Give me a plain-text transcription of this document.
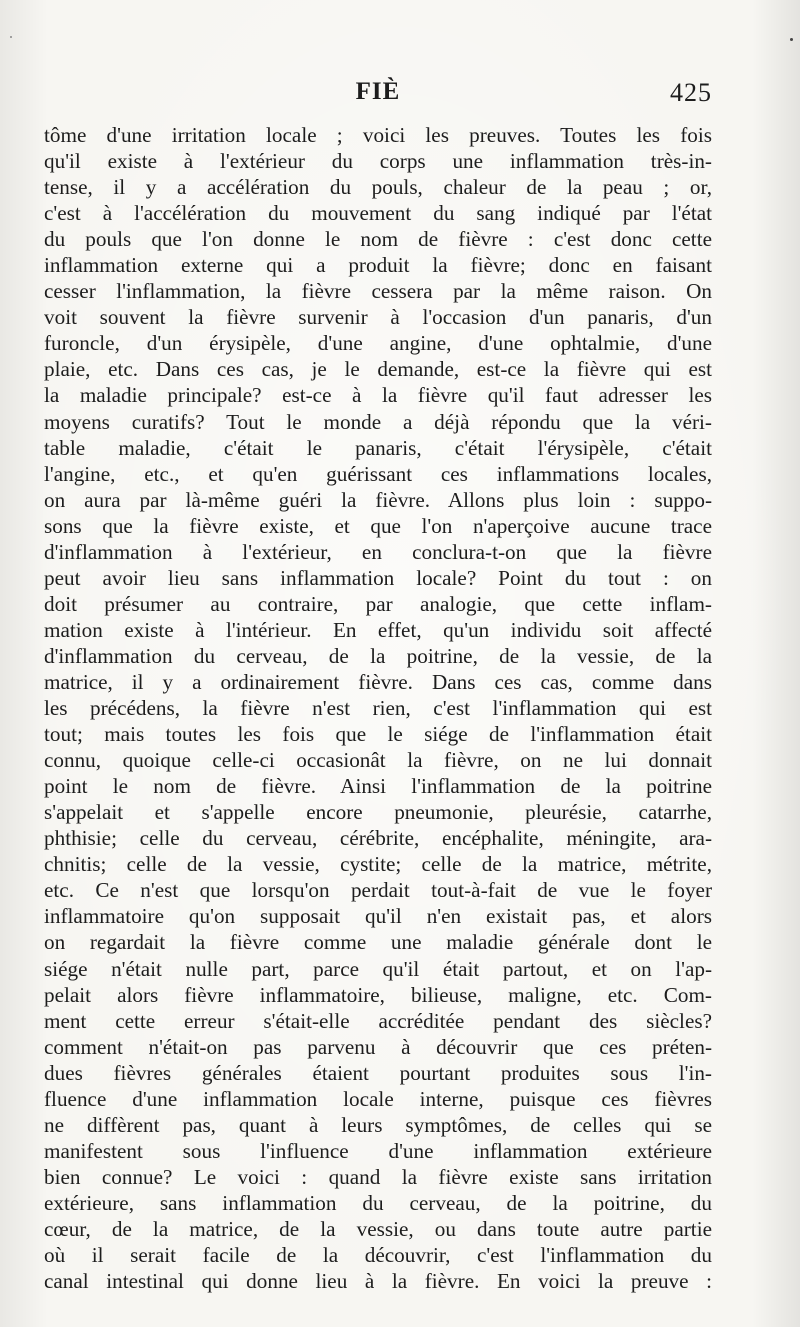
FIÈ	425
tôme d'une irritation locale ; voici les preuves. Toutes les fois
qu'il existe à l'extérieur du corps une inflammation très-in-
tense, il y a accélération du pouls, chaleur de la peau ; or,
c'est à l'accélération du mouvement du sang indiqué par l'état
du pouls que l'on donne le nom de fièvre : c'est donc cette
inflammation externe qui a produit la fièvre; donc en faisant
cesser l'inflammation, la fièvre cessera par la même raison. On
voit souvent la fièvre survenir à l'occasion d'un panaris, d'un
furoncle, d'un érysipèle, d'une angine, d'une ophtalmie, d'une
plaie, etc. Dans ces cas, je le demande, est-ce la fièvre qui est
la maladie principale? est-ce à la fièvre qu'il faut adresser les
moyens curatifs? Tout le monde a déjà répondu que la véri-
table maladie, c'était le panaris, c'était l'érysipèle, c'était
l'angine, etc., et qu'en guérissant ces inflammations locales,
on aura par là-même guéri la fièvre. Allons plus loin : suppo-
sons que la fièvre existe, et que l'on n'aperçoive aucune trace
d'inflammation à l'extérieur, en conclura-t-on que la fièvre
peut avoir lieu sans inflammation locale? Point du tout : on
doit présumer au contraire, par analogie, que cette inflam-
mation existe à l'intérieur. En effet, qu'un individu soit affecté
d'inflammation du cerveau, de la poitrine, de la vessie, de la
matrice, il y a ordinairement fièvre. Dans ces cas, comme dans
les précédens, la fièvre n'est rien, c'est l'inflammation qui est
tout; mais toutes les fois que le siége de l'inflammation était
connu, quoique celle-ci occasionât la fièvre, on ne lui donnait
point le nom de fièvre. Ainsi l'inflammation de la poitrine
s'appelait et s'appelle encore pneumonie, pleurésie, catarrhe,
phthisie; celle du cerveau, cérébrite, encéphalite, méningite, ara-
chnitis; celle de la vessie, cystite; celle de la matrice, métrite,
etc. Ce n'est que lorsqu'on perdait tout-à-fait de vue le foyer
inflammatoire qu'on supposait qu'il n'en existait pas, et alors
on regardait la fièvre comme une maladie générale dont le
siége n'était nulle part, parce qu'il était partout, et on l'ap-
pelait alors fièvre inflammatoire, bilieuse, maligne, etc. Com-
ment cette erreur s'était-elle accréditée pendant des siècles?
comment n'était-on pas parvenu à découvrir que ces préten-
dues fièvres générales étaient pourtant produites sous l'in-
fluence d'une inflammation locale interne, puisque ces fièvres
ne diffèrent pas, quant à leurs symptômes, de celles qui se
manifestent sous l'influence d'une inflammation extérieure
bien connue? Le voici : quand la fièvre existe sans irritation
extérieure, sans inflammation du cerveau, de la poitrine, du
cœur, de la matrice, de la vessie, ou dans toute autre partie
où il serait facile de la découvrir, c'est l'inflammation du
canal intestinal qui donne lieu à la fièvre. En voici la preuve :
